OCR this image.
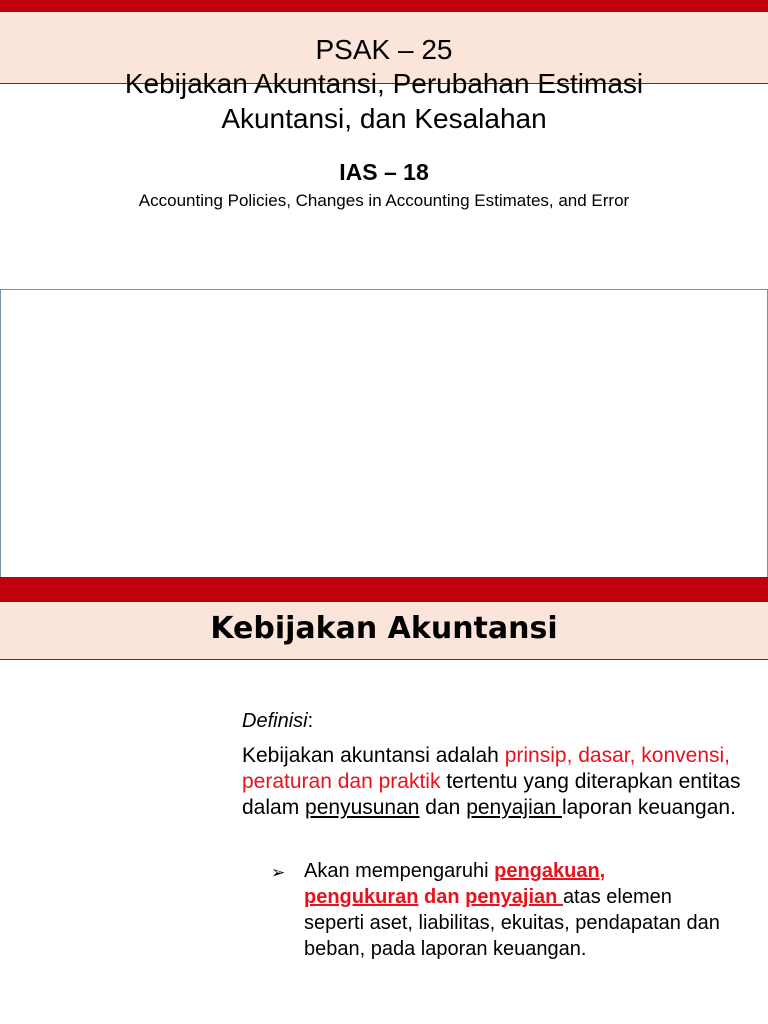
PSAK – 25
Kebijakan Akuntansi, Perubahan Estimasi
Akuntansi, dan Kesalahan
IAS – 18
Accounting Policies, Changes in Accounting Estimates, and Error
Kebijakan Akuntansi
Definisi:
Kebijakan akuntansi adalah prinsip, dasar, konvensi, peraturan dan praktik tertentu yang diterapkan entitas dalam penyusunan dan penyajian laporan keuangan.
➢ Akan mempengaruhi pengakuan, pengukuran dan penyajian atas elemen seperti aset, liabilitas, ekuitas, pendapatan dan beban, pada laporan keuangan.
